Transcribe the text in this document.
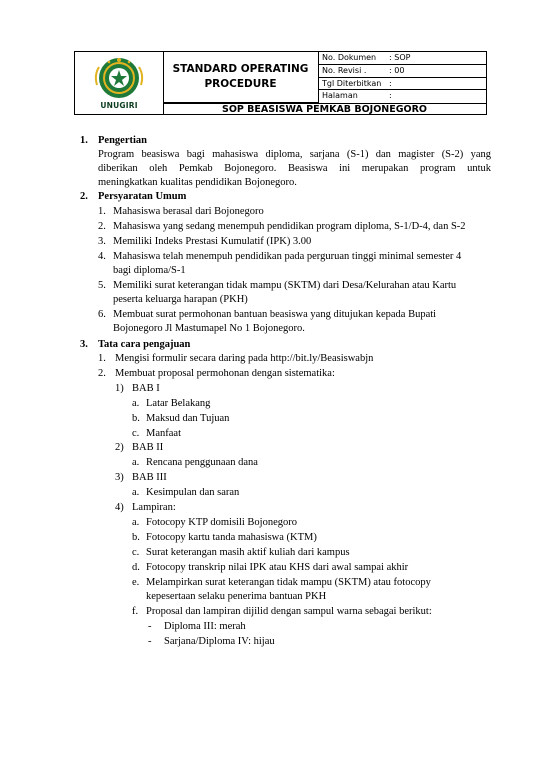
UNUGIRI
STANDARD OPERATING
PROCEDURE
No. Dokumen : SOP
No. Revisi .	: 00
Tgl Diterbitkan :
Halaman	:
SOP BEASISWA PEMKAB BOJONEGORO
1. Pengertian
Program beasiswa bagi mahasiswa diploma, sarjana (S-1) dan magister (S-2) yang
diberikan oleh Pemkab Bojonegoro. Beasiswa ini merupakan program untuk
meningkatkan kualitas pendidikan Bojonegoro.
2. Persyaratan Umum
1. Mahasiswa berasal dari Bojonegoro
2. Mahasiswa yang sedang menempuh pendidikan program diploma, S-1/D-4, dan S-2
3. Memiliki Indeks Prestasi Kumulatif (IPK) 3.00
4. Mahasiswa telah menempuh pendidikan pada perguruan tinggi minimal semester 4
bagi diploma/S-1
5. Memiliki surat keterangan tidak mampu (SKTM) dari Desa/Kelurahan atau Kartu
peserta keluarga harapan (PKH)
6. Membuat surat permohonan bantuan beasiswa yang ditujukan kepada Bupati
Bojonegoro Jl Mastumapel No 1 Bojonegoro.
3. Tata cara pengajuan
1. Mengisi formulir secara daring pada http://bit.ly/Beasiswabjn
2. Membuat proposal permohonan dengan sistematika:
1) BAB I
a. Latar Belakang
b. Maksud dan Tujuan
c. Manfaat
2) BAB II
a. Rencana penggunaan dana
3) BAB III
a. Kesimpulan dan saran
4) Lampiran:
a. Fotocopy KTP domisili Bojonegoro
b. Fotocopy kartu tanda mahasiswa (KTM)
c. Surat keterangan masih aktif kuliah dari kampus
d. Fotocopy transkrip nilai IPK atau KHS dari awal sampai akhir
e. Melampirkan surat keterangan tidak mampu (SKTM) atau fotocopy
kepesertaan selaku penerima bantuan PKH
f. Proposal dan lampiran dijilid dengan sampul warna sebagai berikut:
- Diploma III: merah
- Sarjana/Diploma IV: hijau
